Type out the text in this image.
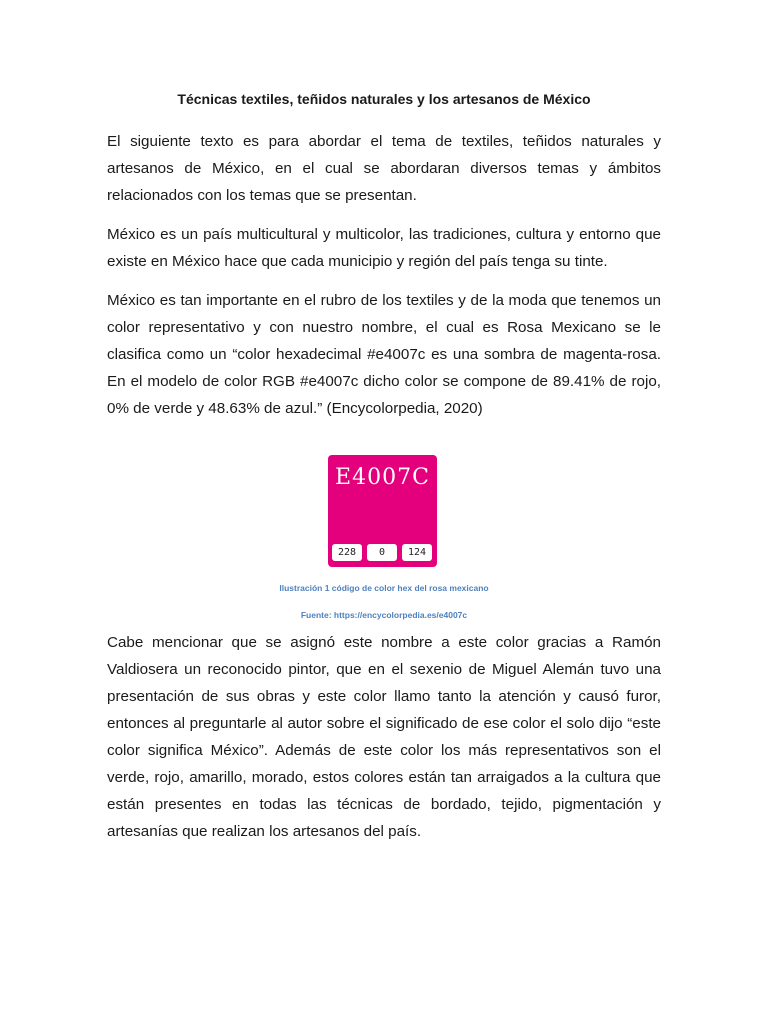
Técnicas textiles, teñidos naturales y los artesanos de México

El siguiente texto es para abordar el tema de textiles, teñidos naturales y artesanos de México, en el cual se abordaran diversos temas y ámbitos relacionados con los temas que se presentan.

México es un país multicultural y multicolor, las tradiciones, cultura y entorno que existe en México hace que cada municipio y región del país tenga su tinte.

México es tan importante en el rubro de los textiles y de la moda que tenemos un color representativo y con nuestro nombre, el cual es Rosa Mexicano se le clasifica como un “color hexadecimal #e4007c es una sombra de magenta-rosa. En el modelo de color RGB #e4007c dicho color se compone de 89.41% de rojo, 0% de verde y 48.63% de azul.” (Encycolorpedia, 2020)

E4007C
228	0	124

Ilustración 1 código de color hex del rosa mexicano

Fuente: https://encycolorpedia.es/e4007c

Cabe mencionar que se asignó este nombre a este color gracias a Ramón Valdiosera un reconocido pintor, que en el sexenio de Miguel Alemán tuvo una presentación de sus obras y este color llamo tanto la atención y causó furor, entonces al preguntarle al autor sobre el significado de ese color el solo dijo “este color significa México”. Además de este color los más representativos son el verde, rojo, amarillo, morado, estos colores están tan arraigados a la cultura que están presentes en todas las técnicas de bordado, tejido, pigmentación y artesanías que realizan los artesanos del país.
